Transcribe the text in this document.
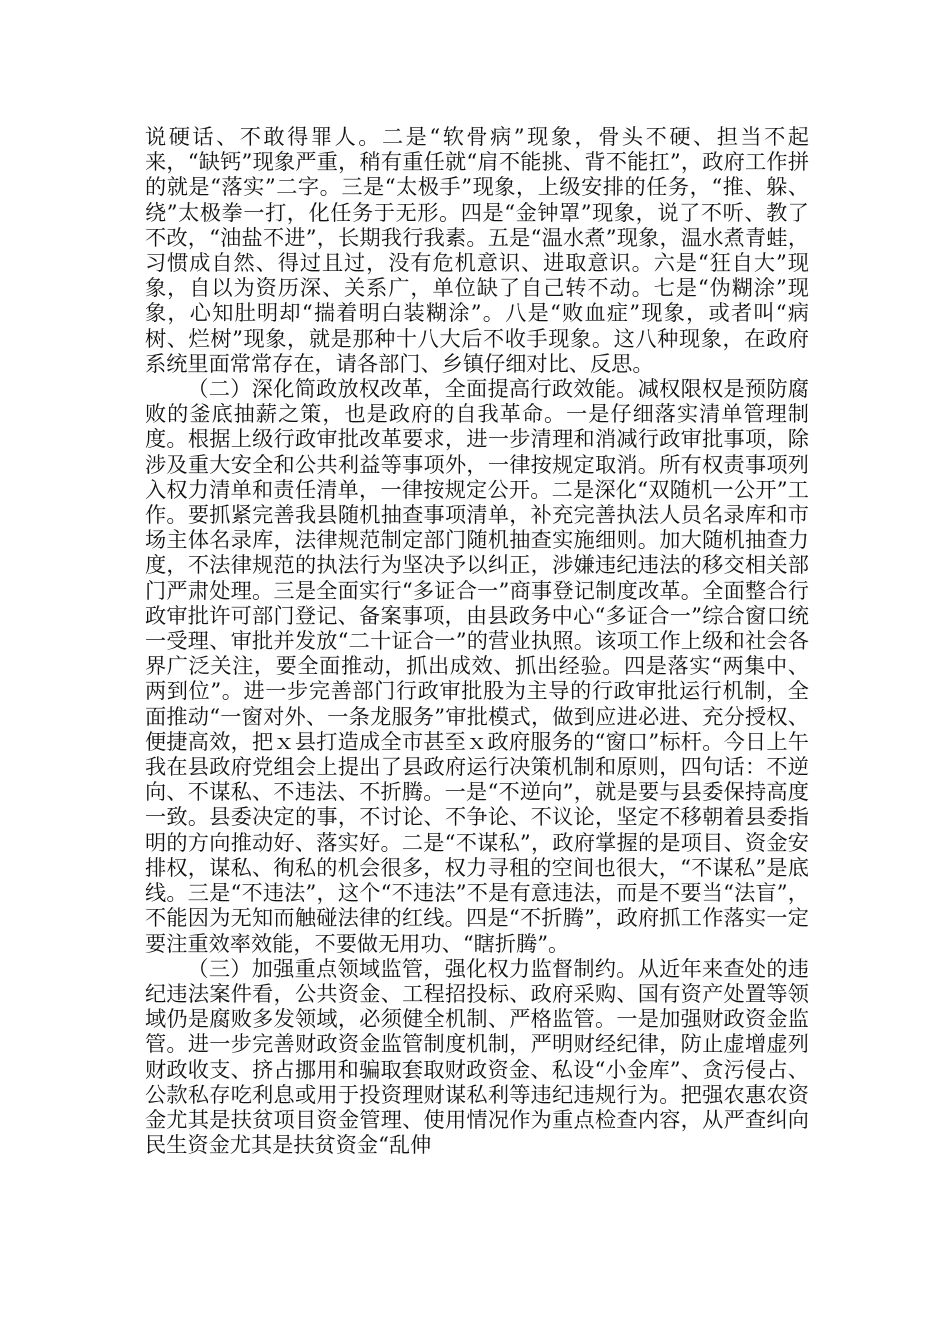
说硬话、不敢得罪人。二是“软骨病”现象，骨头不硬、担当不起来，“缺钙”现象严重，稍有重任就“肩不能挑、背不能扛”，政府工作拼的就是“落实”二字。三是“太极手”现象，上级安排的任务，“推、躲、绕”太极拳一打，化任务于无形。四是“金钟罩”现象，说了不听、教了不改，“油盐不进”，长期我行我素。五是“温水煮”现象，温水煮青蛙，习惯成自然、得过且过，没有危机意识、进取意识。六是“狂自大”现象，自以为资历深、关系广，单位缺了自己转不动。七是“伪糊涂”现象，心知肚明却“揣着明白装糊涂”。八是“败血症”现象，或者叫“病树、烂树”现象，就是那种十八大后不收手现象。这八种现象，在政府系统里面常常存在，请各部门、乡镇仔细对比、反思。

（二）深化简政放权改革，全面提高行政效能。减权限权是预防腐败的釜底抽薪之策，也是政府的自我革命。一是仔细落实清单管理制度。根据上级行政审批改革要求，进一步清理和消减行政审批事项，除涉及重大安全和公共利益等事项外，一律按规定取消。所有权责事项列入权力清单和责任清单，一律按规定公开。二是深化“双随机一公开”工作。要抓紧完善我县随机抽查事项清单，补充完善执法人员名录库和市场主体名录库，法律规范制定部门随机抽查实施细则。加大随机抽查力度，不法律规范的执法行为坚决予以纠正，涉嫌违纪违法的移交相关部门严肃处理。三是全面实行“多证合一”商事登记制度改革。全面整合行政审批许可部门登记、备案事项，由县政务中心“多证合一”综合窗口统一受理、审批并发放“二十证合一”的营业执照。该项工作上级和社会各界广泛关注，要全面推动，抓出成效、抓出经验。四是落实“两集中、两到位”。进一步完善部门行政审批股为主导的行政审批运行机制，全面推动“一窗对外、一条龙服务”审批模式，做到应进必进、充分授权、便捷高效，把ｘ县打造成全市甚至ｘ政府服务的“窗口”标杆。今日上午我在县政府党组会上提出了县政府运行决策机制和原则，四句话：不逆向、不谋私、不违法、不折腾。一是“不逆向”，就是要与县委保持高度一致。县委决定的事，不讨论、不争论、不议论，坚定不移朝着县委指明的方向推动好、落实好。二是“不谋私”，政府掌握的是项目、资金安排权，谋私、徇私的机会很多，权力寻租的空间也很大，“不谋私”是底线。三是“不违法”，这个“不违法”不是有意违法，而是不要当“法盲”，不能因为无知而触碰法律的红线。四是“不折腾”，政府抓工作落实一定要注重效率效能，不要做无用功、“瞎折腾”。

（三）加强重点领域监管，强化权力监督制约。从近年来查处的违纪违法案件看，公共资金、工程招投标、政府采购、国有资产处置等领域仍是腐败多发领域，必须健全机制、严格监管。一是加强财政资金监管。进一步完善财政资金监管制度机制，严明财经纪律，防止虚增虚列财政收支、挤占挪用和骗取套取财政资金、私设“小金库”、贪污侵占、公款私存吃利息或用于投资理财谋私利等违纪违规行为。把强农惠农资金尤其是扶贫项目资金管理、使用情况作为重点检查内容，从严查纠向民生资金尤其是扶贫资金“乱伸
